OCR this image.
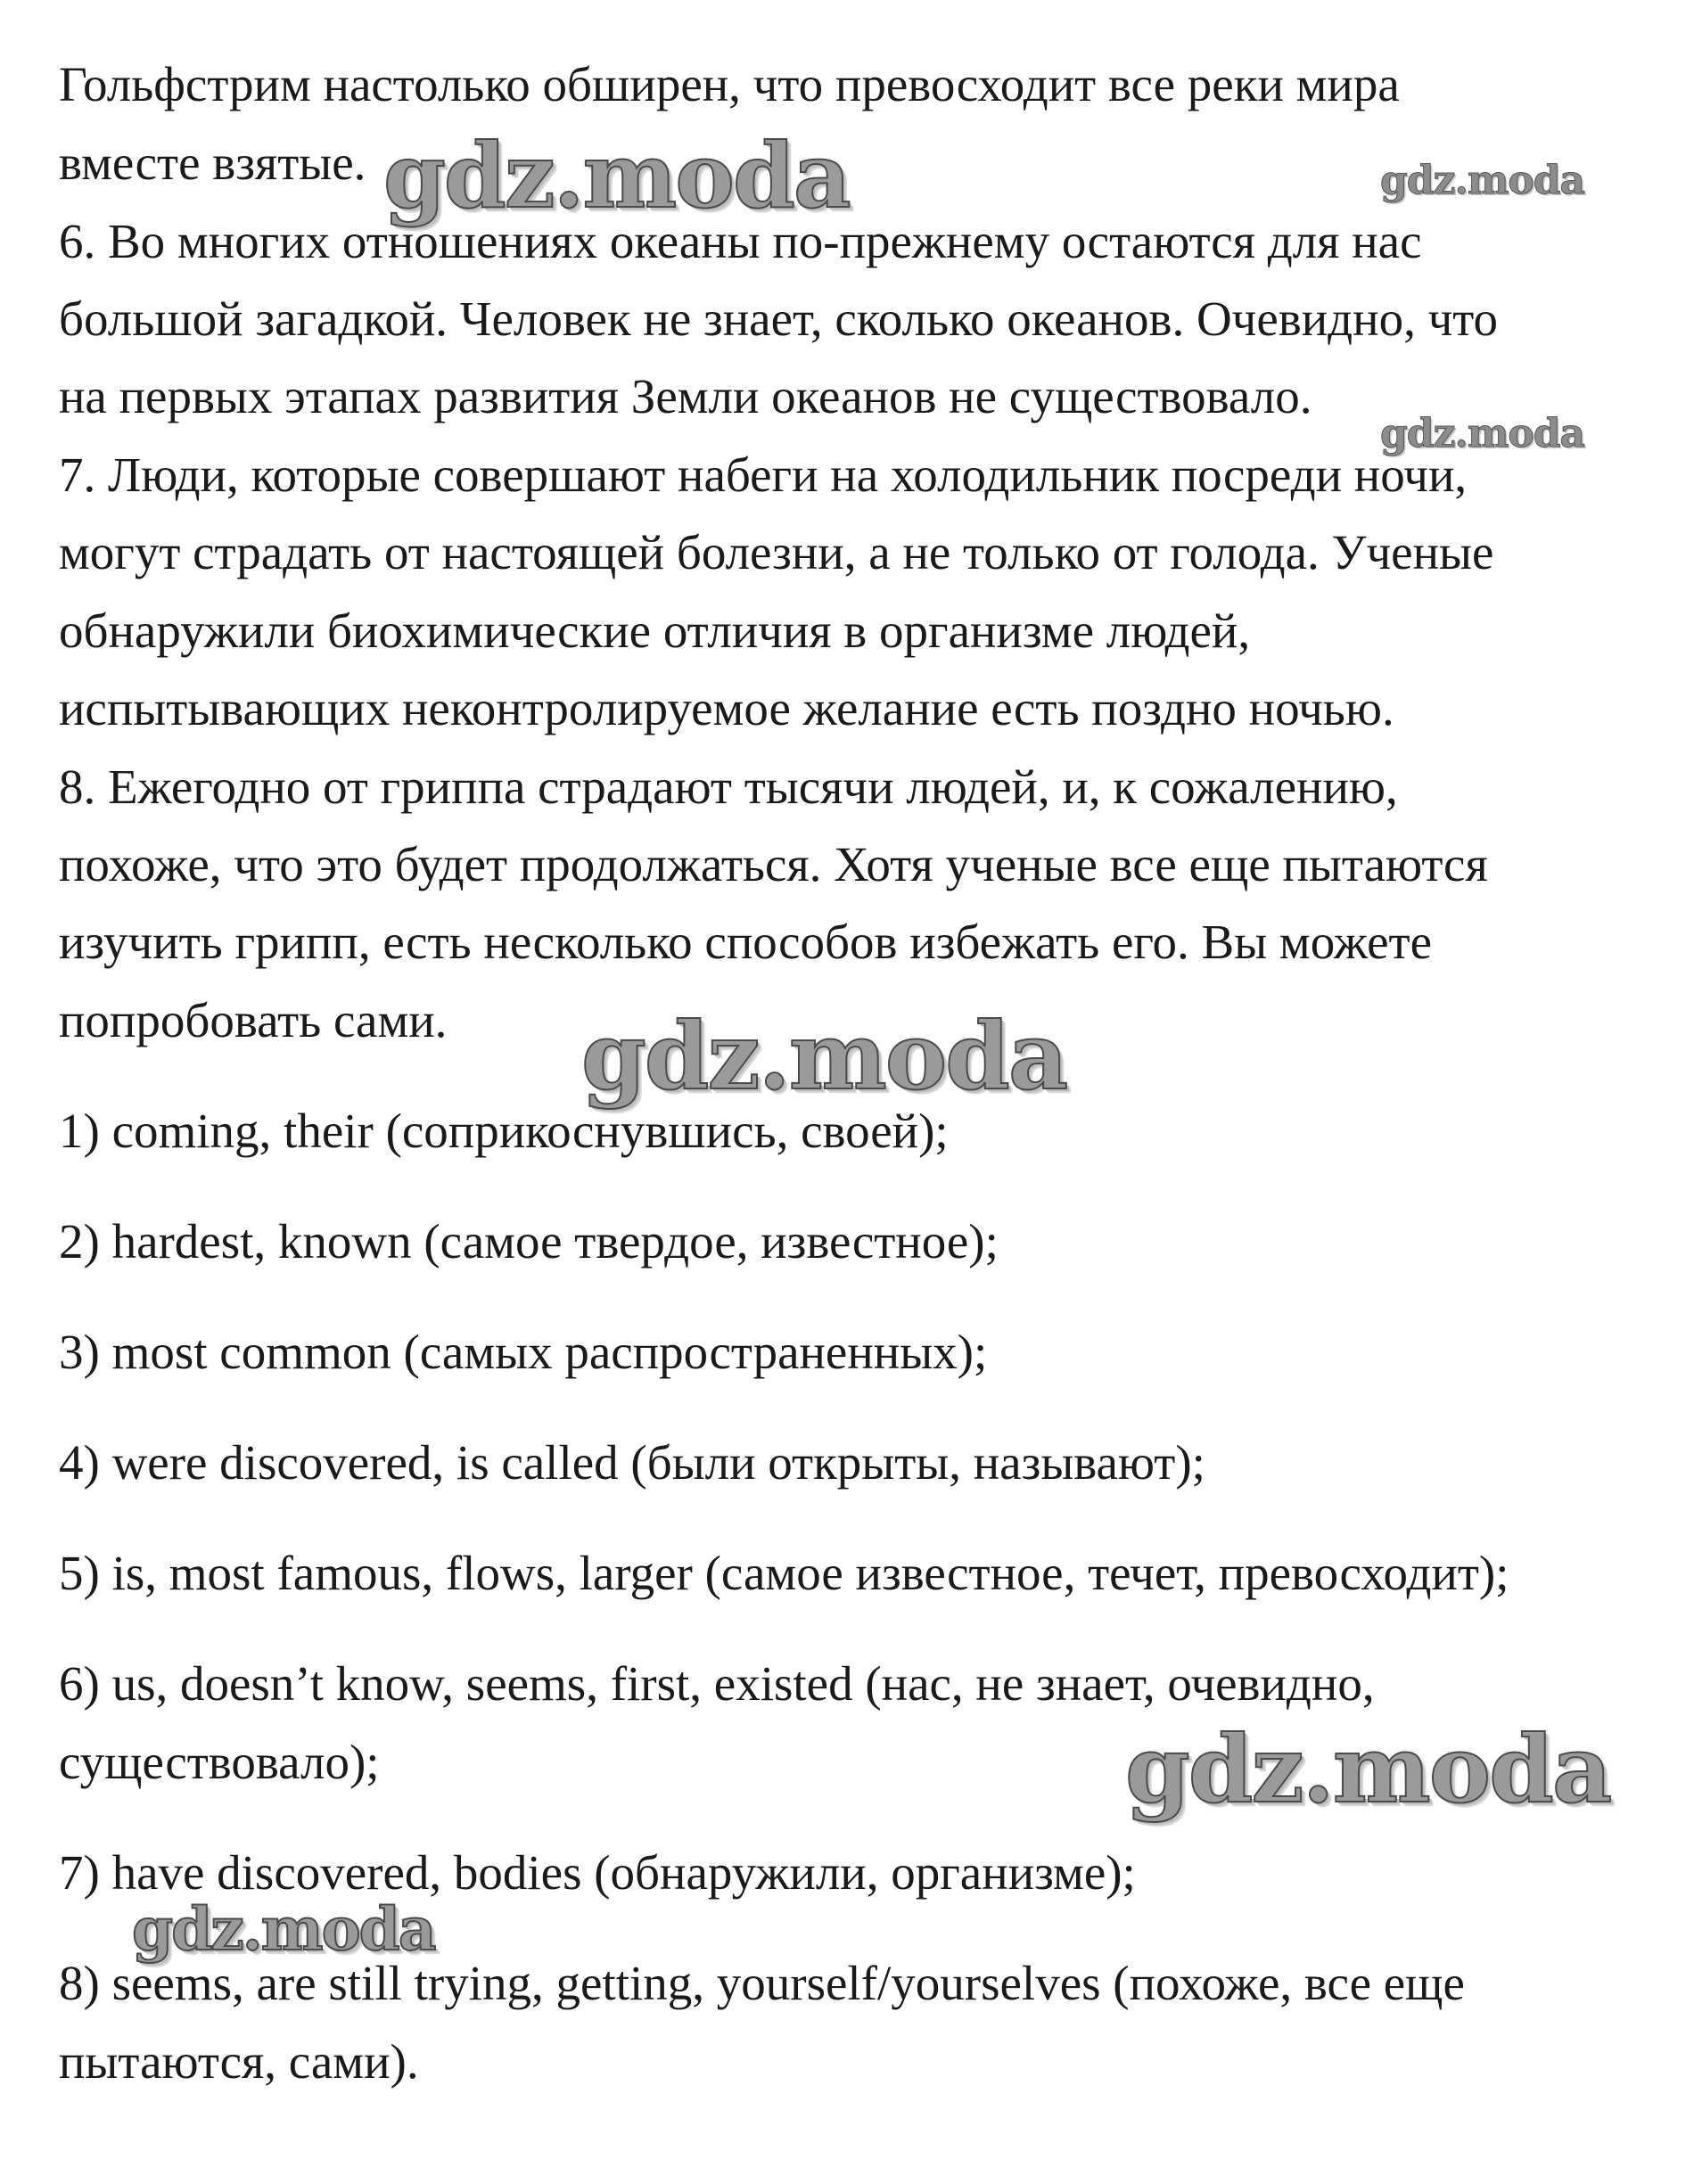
Гольфстрим настолько обширен, что превосходит все реки мира
вместе взятые.
6. Во многих отношениях океаны по-прежнему остаются для нас
большой загадкой. Человек не знает, сколько океанов. Очевидно, что
на первых этапах развития Земли океанов не существовало.
7. Люди, которые совершают набеги на холодильник посреди ночи,
могут страдать от настоящей болезни, а не только от голода. Ученые
обнаружили биохимические отличия в организме людей,
испытывающих неконтролируемое желание есть поздно ночью.
8. Ежегодно от гриппа страдают тысячи людей, и, к сожалению,
похоже, что это будет продолжаться. Хотя ученые все еще пытаются
изучить грипп, есть несколько способов избежать его. Вы можете
попробовать сами.
1) coming, their (соприкоснувшись, своей);
2) hardest, known (самое твердое, известное);
3) most common (самых распространенных);
4) were discovered, is called (были открыты, называют);
5) is, most famous, flows, larger (самое известное, течет, превосходит);
6) us, doesn’t know, seems, first, existed (нас, не знает, очевидно,
существовало);
7) have discovered, bodies (обнаружили, организме);
8) seems, are still trying, getting, yourself/yourselves (похоже, все еще
пытаются, сами).
gdz.moda	gdz.moda
gdz.moda
gdz.moda
gdz.moda
gdz.moda
